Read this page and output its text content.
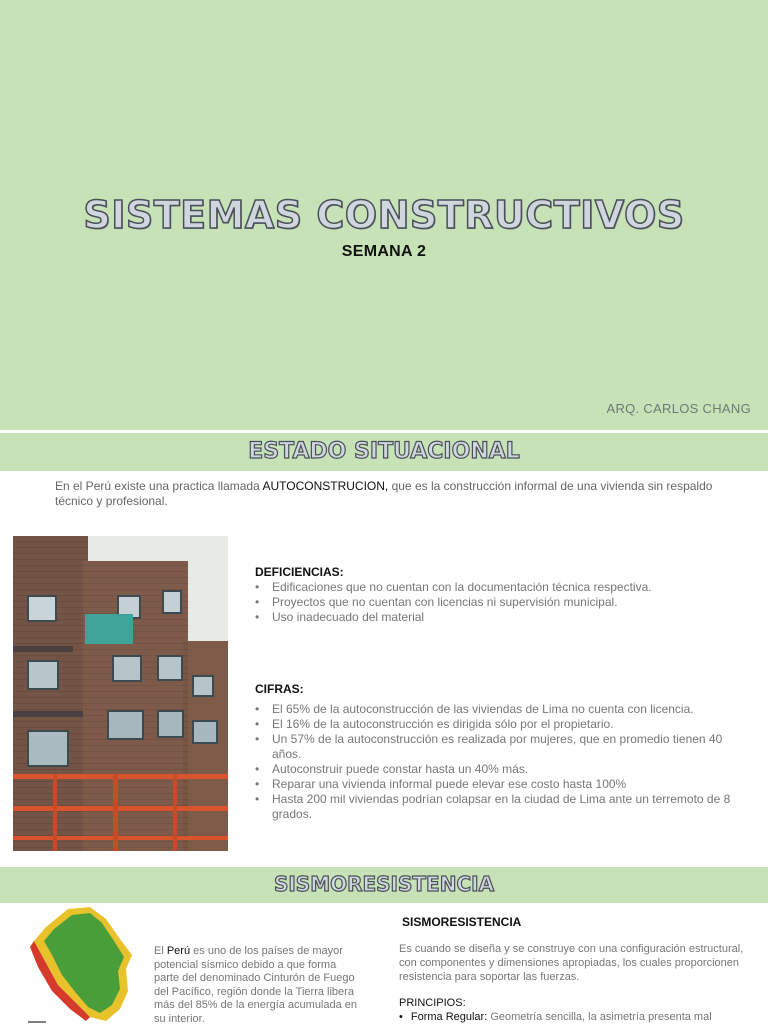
SISTEMAS CONSTRUCTIVOS
SEMANA 2
ARQ. CARLOS CHANG
ESTADO SITUACIONAL
En el Perú existe una practica llamada AUTOCONSTRUCION, que es la construcción informal de una vivienda sin respaldo técnico y profesional.
DEFICIENCIAS:
• Edificaciones que no cuentan con la documentación técnica respectiva.
• Proyectos que no cuentan con licencias ni supervisión municipal.
• Uso inadecuado del material
CIFRAS:
• El 65% de la autoconstrucción de las viviendas de Lima no cuenta con licencia.
• El 16% de la autoconstrucción es dirigida sólo por el propietario.
• Un 57% de la autoconstrucción es realizada por mujeres, que en promedio tienen 40 años.
• Autoconstruir puede constar hasta un 40% más.
• Reparar una vivienda informal puede elevar ese costo hasta 100%
• Hasta 200 mil viviendas podrían colapsar en la ciudad de Lima ante un terremoto de 8 grados.
SISMORESISTENCIA
El Perú es uno de los países de mayor potencial sísmico debido a que forma parte del denominado Cinturón de Fuego del Pacífico, región donde la Tierra libera más del 85% de la energía acumulada en su interior.
SISMORESISTENCIA
Es cuando se diseña y se construye con una configuración estructural, con componentes y dimensiones apropiadas, los cuales proporcionen resistencia para soportar las fuerzas.
PRINCIPIOS:
• Forma Regular: Geometría sencilla, la asimetría presenta mal
